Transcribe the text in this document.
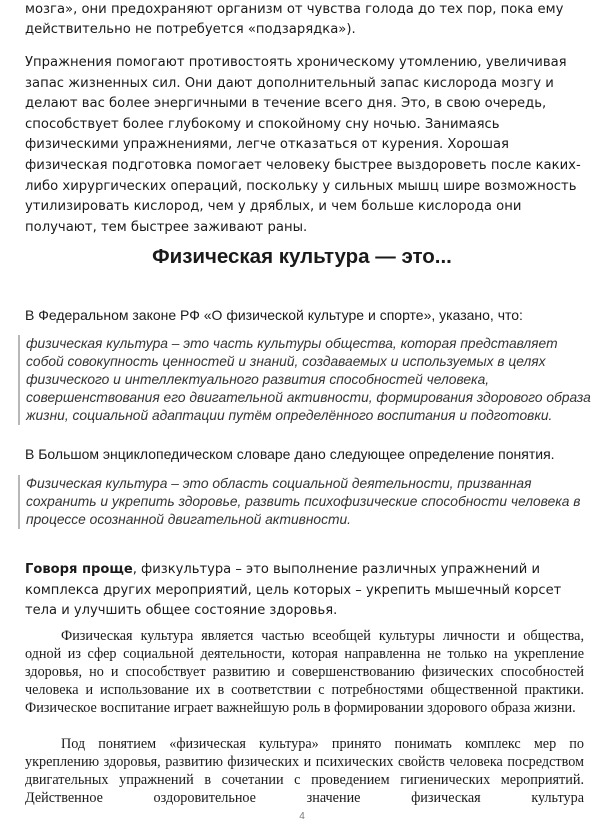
мозга», они предохраняют организм от чувства голода до тех пор, пока ему действительно не потребуется «подзарядка»).

Упражнения помогают противостоять хроническому утомлению, увеличивая запас жизненных сил. Они дают дополнительный запас кислорода мозгу и делают вас более энергичными в течение всего дня. Это, в свою очередь, способствует более глубокому и спокойному сну ночью. Занимаясь физическими упражнениями, легче отказаться от курения. Хорошая физическая подготовка помогает человеку быстрее выздороветь после каких-либо хирургических операций, поскольку у сильных мышц шире возможность утилизировать кислород, чем у дряблых, и чем больше кислорода они получают, тем быстрее заживают раны.

Физическая культура — это...

В Федеральном законе РФ «О физической культуре и спорте», указано, что:

физическая культура – это часть культуры общества, которая представляет собой совокупность ценностей и знаний, создаваемых и используемых в целях физического и интеллектуального развития способностей человека, совершенствования его двигательной активности, формирования здорового образа жизни, социальной адаптации путём определённого воспитания и подготовки.

В Большом энциклопедическом словаре дано следующее определение понятия.

Физическая культура – это область социальной деятельности, призванная сохранить и укрепить здоровье, развить психофизические способности человека в процессе осознанной двигательной активности.

Говоря проще, физкультура – это выполнение различных упражнений и комплекса других мероприятий, цель которых – укрепить мышечный корсет тела и улучшить общее состояние здоровья.

Физическая культура является частью всеобщей культуры личности и общества, одной из сфер социальной деятельности, которая направленна не только на укрепление здоровья, но и способствует развитию и совершенствованию физических способностей человека и использование их в соответствии с потребностями общественной практики. Физическое воспитание играет важнейшую роль в формировании здорового образа жизни.

Под понятием «физическая культура» принято понимать комплекс мер по укреплению здоровья, развитию физических и психических свойств человека посредством двигательных упражнений в сочетании с проведением гигиенических мероприятий. Действенное оздоровительное значение физическая культура

4
